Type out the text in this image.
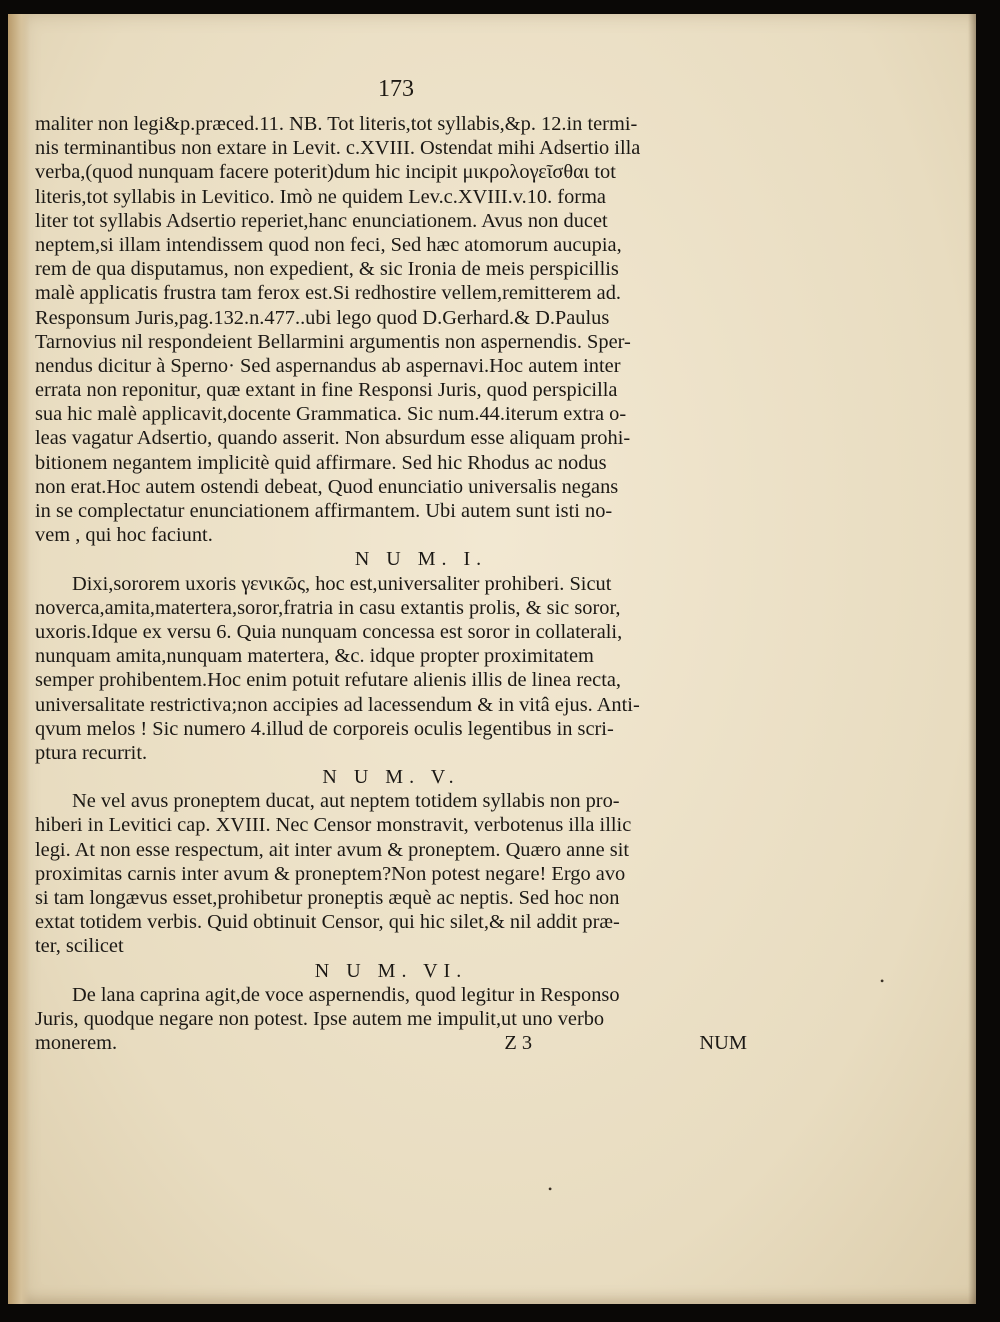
173
maliter non legi&p.præced.11. NB. Tot literis,tot syllabis,&p. 12.in termi-
nis terminantibus non extare in Levit. c.XVIII. Ostendat mihi Adsertio illa
verba,(quod nunquam facere poterit)dum hic incipit μικρολογεῖσθαι tot
literis,tot syllabis in Levitico. Imò ne quidem Lev.c.XVIII.v.10. forma
liter tot syllabis Adsertio reperiet,hanc enunciationem. Avus non ducet
neptem,si illam intendissem quod non feci, Sed hæc atomorum aucupia,
rem de qua disputamus, non expedient, & sic Ironia de meis perspicillis
malè applicatis frustra tam ferox est.Si redhostire vellem,remitterem ad.
Responsum Juris,pag.132.n.477..ubi lego quod D.Gerhard.& D.Paulus
Tarnovius nil respondeient Bellarmini argumentis non aspernendis. Sper-
nendus dicitur à Sperno· Sed aspernandus ab aspernavi.Hoc autem inter
errata non reponitur, quæ extant in fine Responsi Juris, quod perspicilla
sua hic malè applicavit,docente Grammatica. Sic num.44.iterum extra o-
leas vagatur Adsertio, quando asserit. Non absurdum esse aliquam prohi-
bitionem negantem implicitè quid affirmare. Sed hic Rhodus ac nodus
non erat.Hoc autem ostendi debeat, Quod enunciatio universalis negans
in se complectatur enunciationem affirmantem. Ubi autem sunt isti no-
vem , qui hoc faciunt.
N U M. I.
Dixi,sororem uxoris γενικῶς, hoc est,universaliter prohiberi. Sicut
noverca,amita,matertera,soror,fratria in casu extantis prolis, & sic soror,
uxoris.Idque ex versu 6. Quia nunquam concessa est soror in collaterali,
nunquam amita,nunquam matertera, &c. idque propter proximitatem
semper prohibentem.Hoc enim potuit refutare alienis illis de linea recta,
universalitate restrictiva;non accipies ad lacessendum & in vitâ ejus. Anti-
qvum melos ! Sic numero 4.illud de corporeis oculis legentibus in scri-
ptura recurrit.
N U M. V.
Ne vel avus proneptem ducat, aut neptem totidem syllabis non pro-
hiberi in Levitici cap. XVIII. Nec Censor monstravit, verbotenus illa illic
legi. At non esse respectum, ait inter avum & proneptem. Quæro anne sit
proximitas carnis inter avum & proneptem?Non potest negare! Ergo avo
si tam longævus esset,prohibetur proneptis æquè ac neptis. Sed hoc non
extat totidem verbis. Quid obtinuit Censor, qui hic silet,& nil addit præ-
ter, scilicet
N U M. VI.
De lana caprina agit,de voce aspernendis, quod legitur in Responso
Juris, quodque negare non potest. Ipse autem me impulit,ut uno verbo
monerem.	Z 3	NUM
•
•
